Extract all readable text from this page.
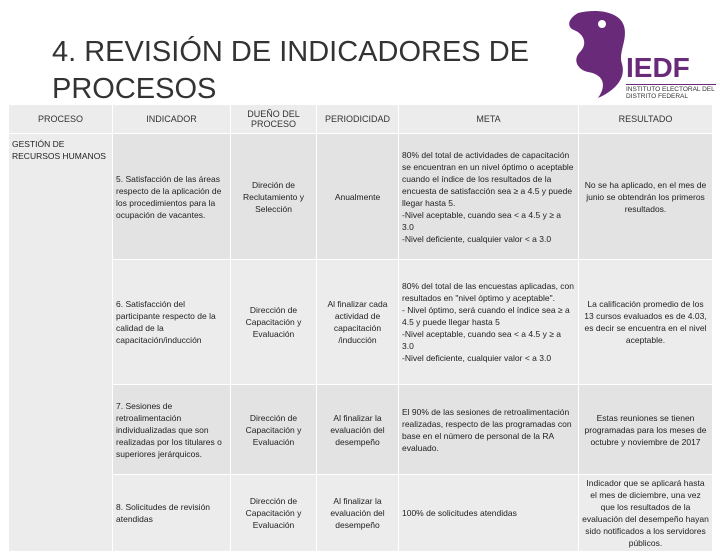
4. REVISIÓN DE INDICADORES DE PROCESOS
IEDF
INSTITUTO ELECTORAL DEL DISTRITO FEDERAL
PROCESO	INDICADOR	DUEÑO DEL PROCESO	PERIODICIDAD	META	RESULTADO
GESTIÓN DE RECURSOS HUMANOS	5. Satisfacción de las áreas respecto de la aplicación de los procedimientos para la ocupación de vacantes.	Direción de Reclutamiento y Selección	Anualmente	80% del total de actividades de capacitación se encuentran en un nivel óptimo o aceptable cuando el índice de los resultados de la encuesta de satisfacción sea ≥ a 4.5 y puede llegar hasta 5.
-Nivel aceptable, cuando sea < a 4.5 y ≥ a 3.0
-Nivel deficiente, cualquier valor < a 3.0	No se ha aplicado, en el mes de junio se obtendrán los primeros resultados.
	6. Satisfacción del participante respecto de la calidad de la capacitación/inducción	Dirección de Capacitación y Evaluación	Al finalizar cada actividad de capacitación /inducción	80% del total de las encuestas aplicadas, con resultados en "nivel óptimo y aceptable".
- Nivel óptimo, será cuando el índice sea ≥ a 4.5 y puede llegar hasta 5
-Nivel aceptable, cuando sea < a 4.5 y ≥ a 3.0
-Nivel deficiente, cualquier valor < a 3.0	La calificación promedio de los 13 cursos evaluados es de 4.03, es decir se encuentra en el nivel aceptable.
	7. Sesiones de retroalimentación individualizadas que son realizadas por los titulares o superiores jerárquicos.	Dirección de Capacitación y Evaluación	Al finalizar la evaluación del desempeño	El 90% de las sesiones de retroalimentación realizadas, respecto de las programadas con base en el número de personal de la RA evaluado.	Estas reuniones se tienen programadas para los meses de octubre y noviembre de 2017
	8. Solicitudes de revisión atendidas	Dirección de Capacitación y Evaluación	Al finalizar la evaluación del desempeño	100% de solicitudes atendidas	Indicador que se aplicará hasta el mes de diciembre, una vez que los resultados de la evaluación del desempeño hayan sido notificados a los servidores públicos.
